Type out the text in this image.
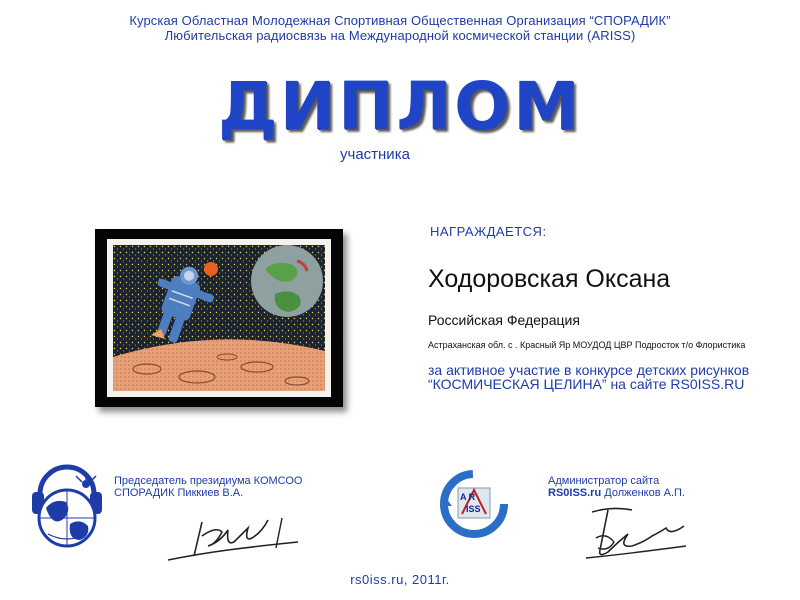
Курская Областная Молодежная Спортивная Общественная Организация “СПОРАДИК”
Любительская радиосвязь на Международной космической станции (ARISS)
ДИПЛОМ
участника
НАГРАЖДАЕТСЯ:
Ходоровская Оксана
Российская Федерация
Астраханская обл. с . Красный Яр МОУДОД ЦВР Подросток т/о Флористика
за активное участие в конкурсе детских рисунков “КОСМИЧЕСКАЯ ЦЕЛИНА” на сайте RS0ISS.RU
Председатель президиума КОМСОО
СПОРАДИК Пиккиев В.А.	A R
ISS
Администратор сайта
RS0ISS.ru Долженков А.П.
rs0iss.ru, 2011г.
